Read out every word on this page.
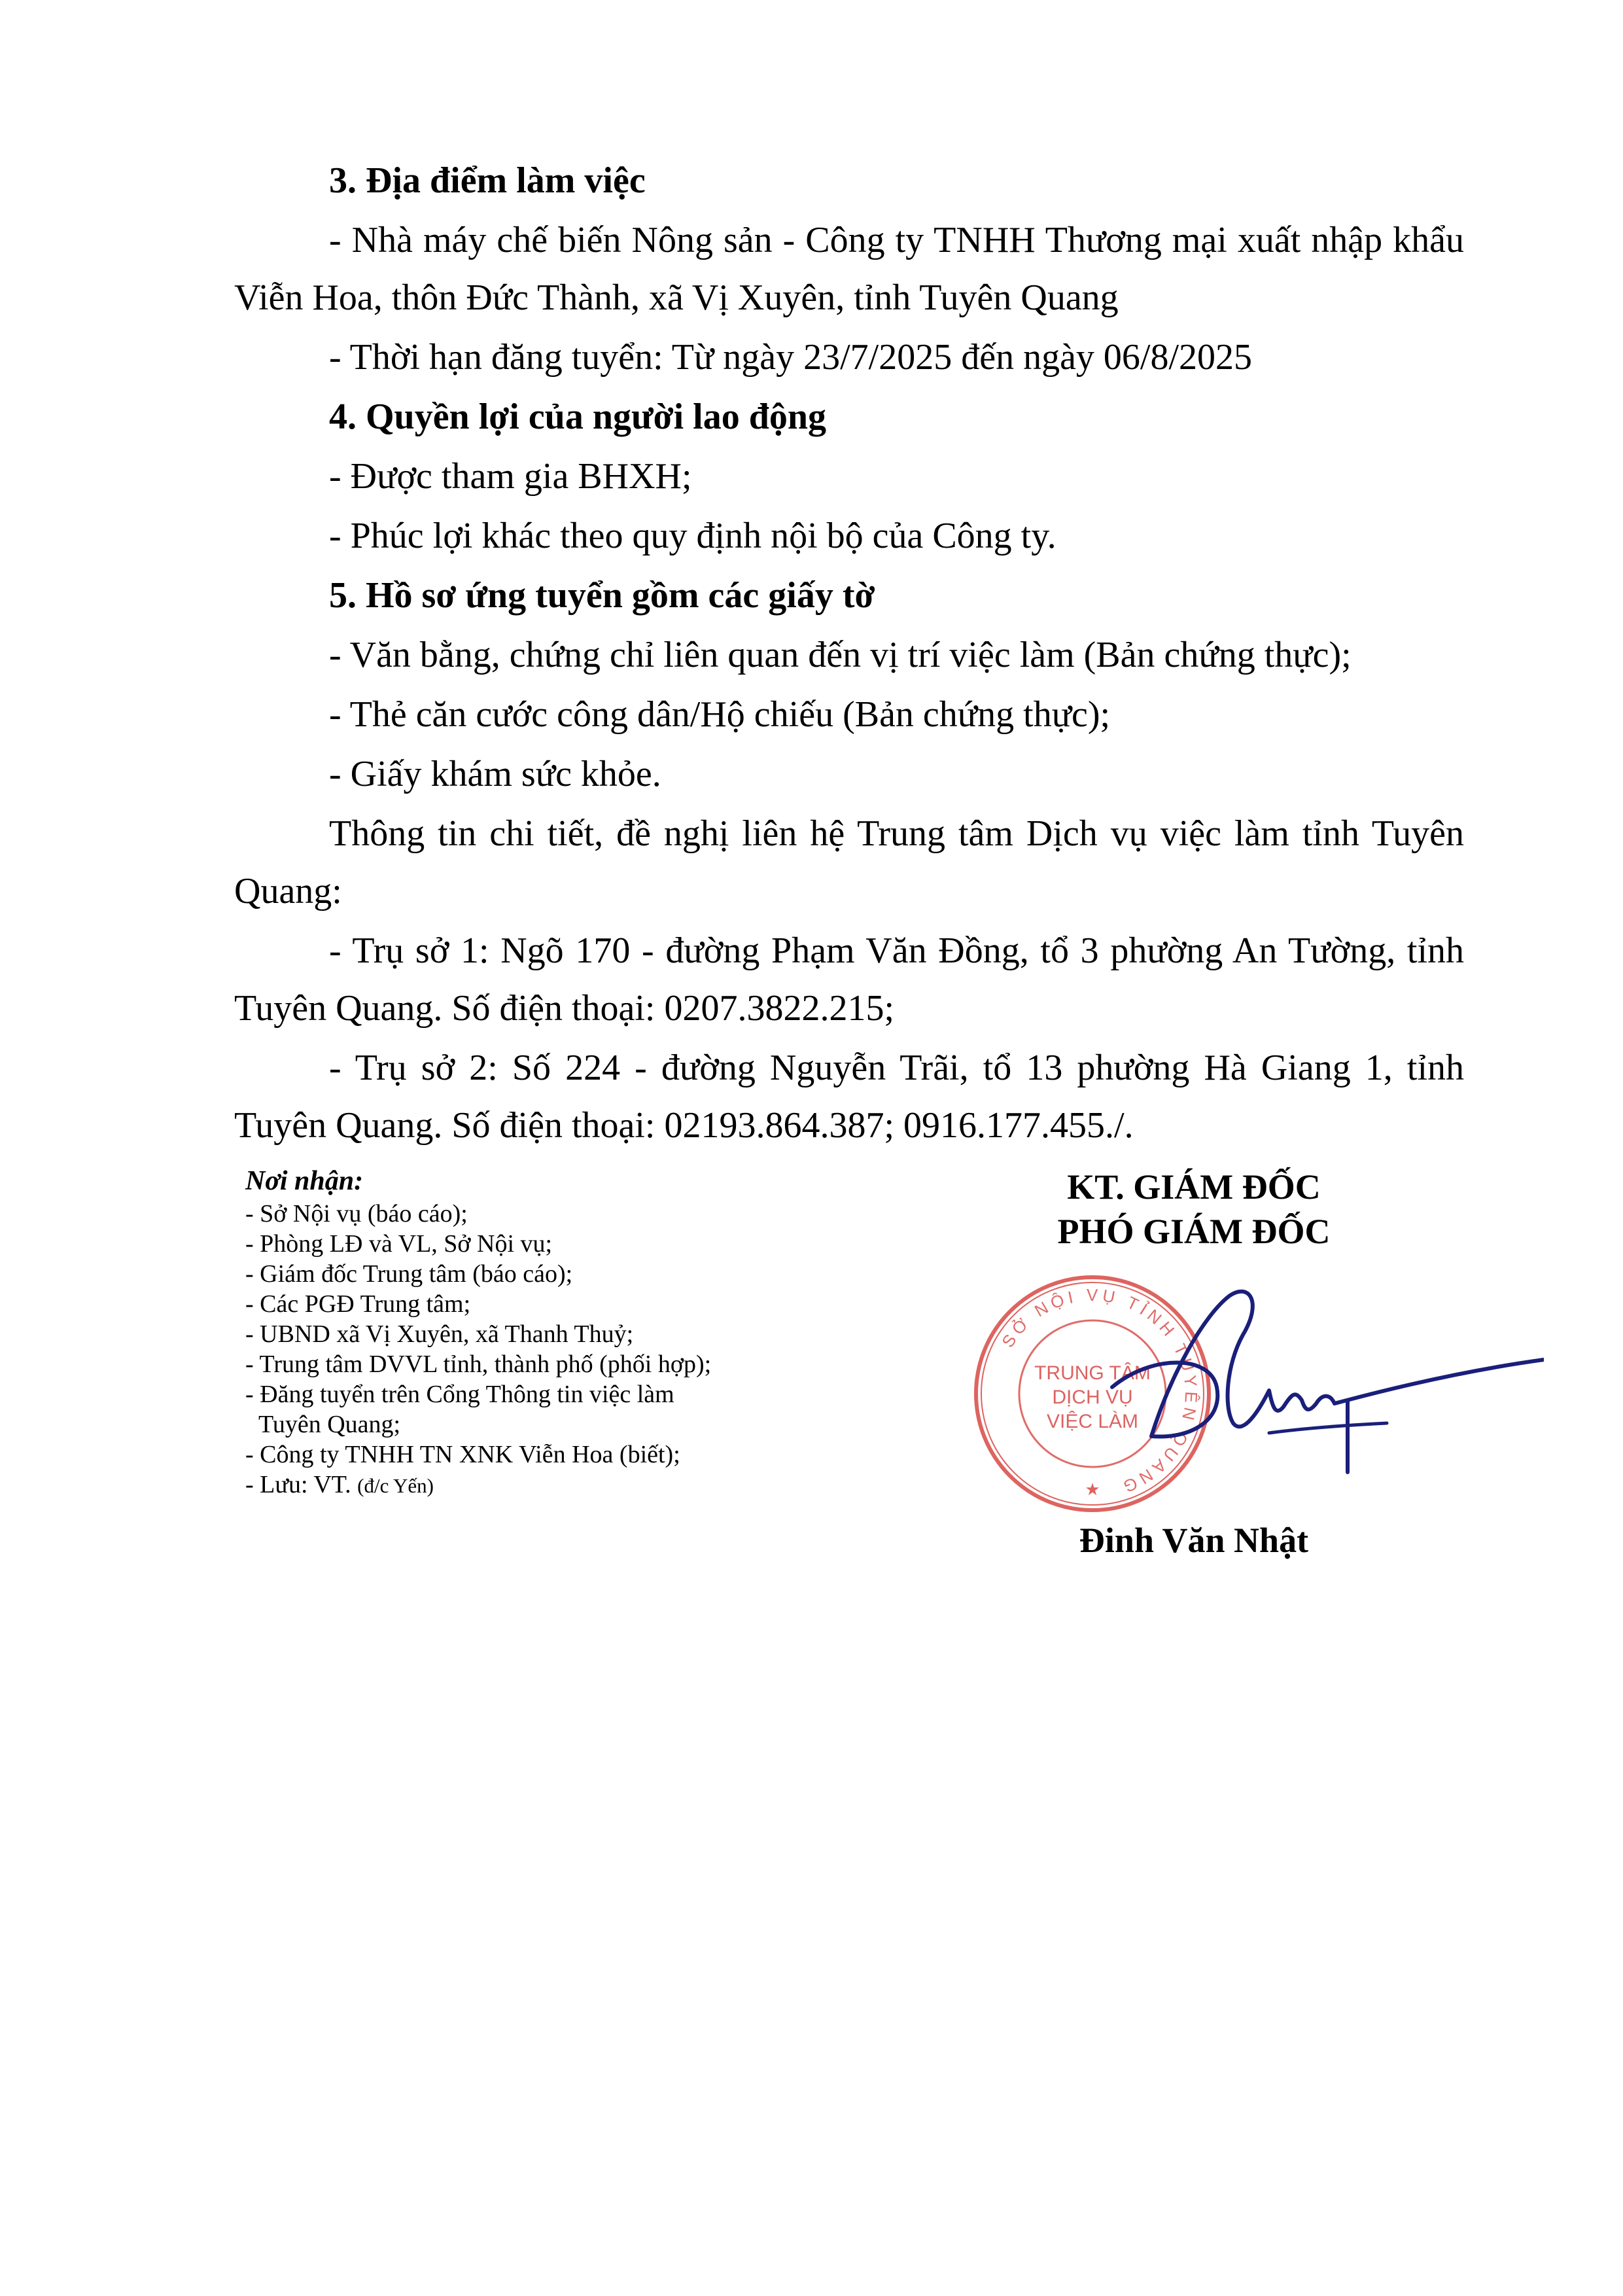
3. Địa điểm làm việc

- Nhà máy chế biến Nông sản - Công ty TNHH Thương mại xuất nhập khẩu Viễn Hoa, thôn Đức Thành, xã Vị Xuyên, tỉnh Tuyên Quang

- Thời hạn đăng tuyển: Từ ngày 23/7/2025 đến ngày 06/8/2025

4. Quyền lợi của người lao động

- Được tham gia BHXH;

- Phúc lợi khác theo quy định nội bộ của Công ty.

5. Hồ sơ ứng tuyển gồm các giấy tờ

- Văn bằng, chứng chỉ liên quan đến vị trí việc làm (Bản chứng thực);

- Thẻ căn cước công dân/Hộ chiếu (Bản chứng thực);

- Giấy khám sức khỏe.

Thông tin chi tiết, đề nghị liên hệ Trung tâm Dịch vụ việc làm tỉnh Tuyên Quang:

- Trụ sở 1: Ngõ 170 - đường Phạm Văn Đồng, tổ 3 phường An Tường, tỉnh Tuyên Quang. Số điện thoại: 0207.3822.215;

- Trụ sở 2: Số 224 - đường Nguyễn Trãi, tổ 13 phường Hà Giang 1, tỉnh Tuyên Quang. Số điện thoại: 02193.864.387; 0916.177.455./.

Nơi nhận:
- Sở Nội vụ (báo cáo);
- Phòng LĐ và VL, Sở Nội vụ;
- Giám đốc Trung tâm (báo cáo);
- Các PGĐ Trung tâm;
- UBND xã Vị Xuyên, xã Thanh Thuỷ;
- Trung tâm DVVL tỉnh, thành phố (phối hợp);
- Đăng tuyển trên Cổng Thông tin việc làm
Tuyên Quang;
- Công ty TNHH TN XNK Viễn Hoa (biết);
- Lưu: VT. (đ/c Yến)
KT. GIÁM ĐỐC
PHÓ GIÁM ĐỐC
SỞ NỘI VỤ TỈNH TUYÊN QUANG
TRUNG TÂM
DỊCH VỤ
VIỆC LÀM
★
Đinh Văn Nhật
